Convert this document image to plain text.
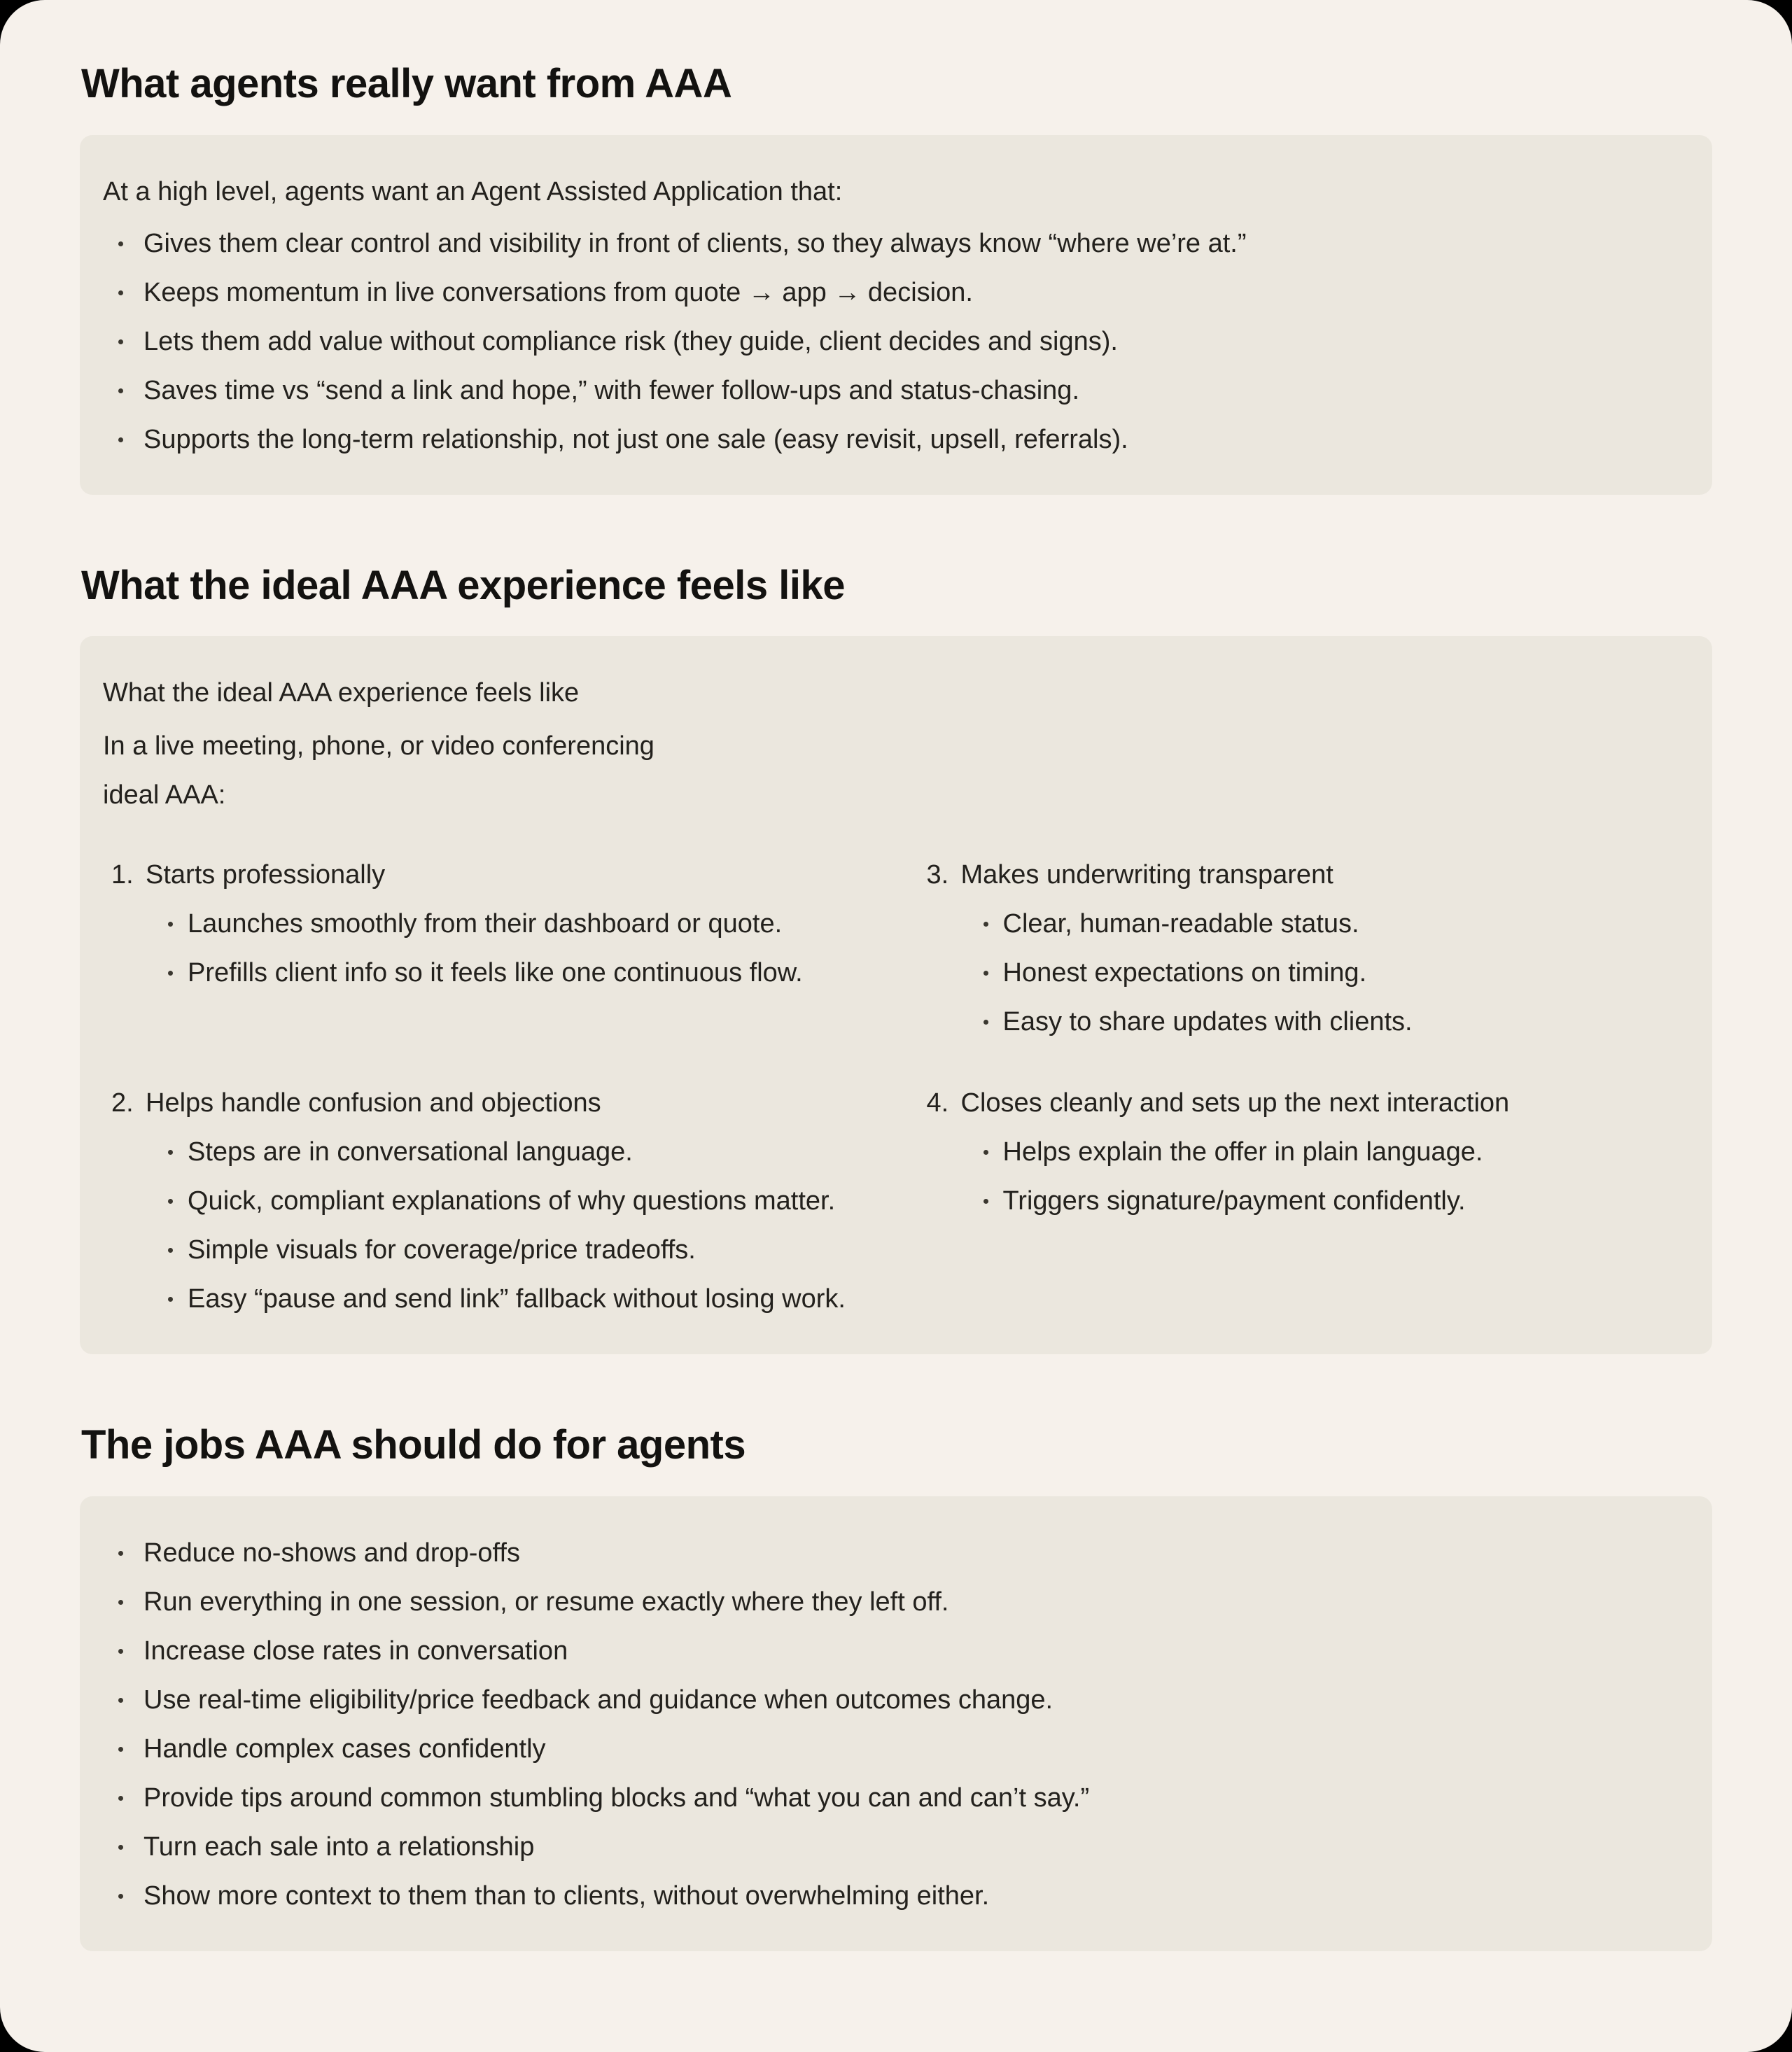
What agents really want from AAA

At a high level, agents want an Agent Assisted Application that:

Gives them clear control and visibility in front of clients, so they always know “where we’re at.”
Keeps momentum in live conversations from quote → app → decision.
Lets them add value without compliance risk (they guide, client decides and signs).
Saves time vs “send a link and hope,” with fewer follow-ups and status-chasing.
Supports the long-term relationship, not just one sale (easy revisit, upsell, referrals).
What the ideal AAA experience feels like

What the ideal AAA experience feels like

In a live meeting, phone, or video conferencing ideal AAA:

1. Starts professionally

Launches smoothly from their dashboard or quote.
Prefills client info so it feels like one continuous flow.
3. Makes underwriting transparent

Clear, human-readable status.
Honest expectations on timing.
Easy to share updates with clients.
2. Helps handle confusion and objections

Steps are in conversational language.
Quick, compliant explanations of why questions matter.
Simple visuals for coverage/price tradeoffs.
Easy “pause and send link” fallback without losing work.
4. Closes cleanly and sets up the next interaction

Helps explain the offer in plain language.
Triggers signature/payment confidently.
The jobs AAA should do for agents
Reduce no-shows and drop-offs
Run everything in one session, or resume exactly where they left off.
Increase close rates in conversation
Use real-time eligibility/price feedback and guidance when outcomes change.
Handle complex cases confidently
Provide tips around common stumbling blocks and “what you can and can’t say.”
Turn each sale into a relationship
Show more context to them than to clients, without overwhelming either.
